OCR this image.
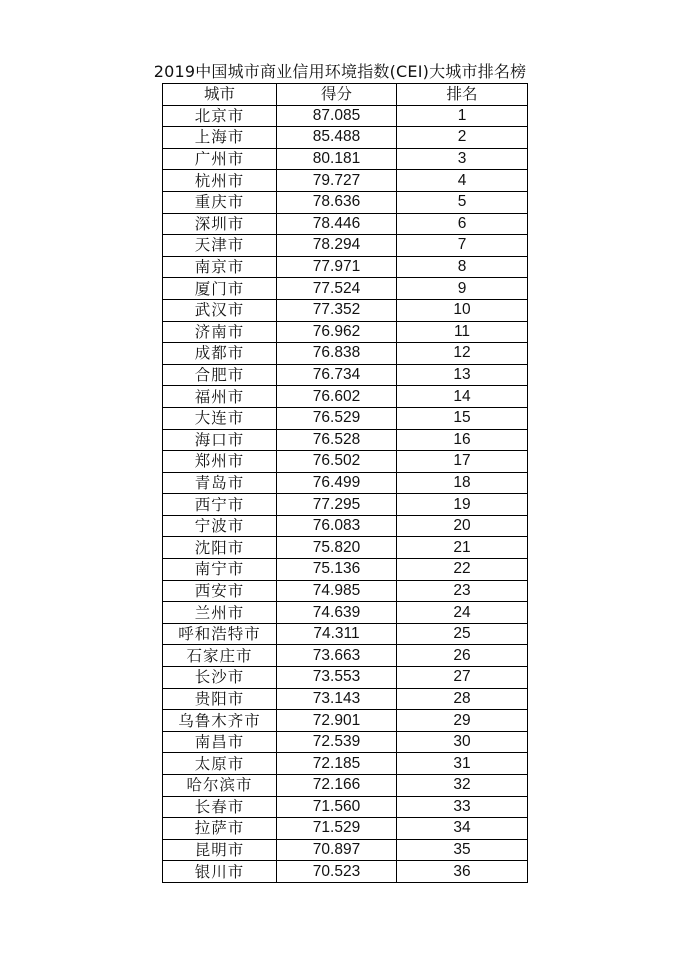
2019中国城市商业信用环境指数(CEI)大城市排名榜
城市	得分	排名
北京市	87.085	1
上海市	85.488	2
广州市	80.181	3
杭州市	79.727	4
重庆市	78.636	5
深圳市	78.446	6
天津市	78.294	7
南京市	77.971	8
厦门市	77.524	9
武汉市	77.352	10
济南市	76.962	11
成都市	76.838	12
合肥市	76.734	13
福州市	76.602	14
大连市	76.529	15
海口市	76.528	16
郑州市	76.502	17
青岛市	76.499	18
西宁市	77.295	19
宁波市	76.083	20
沈阳市	75.820	21
南宁市	75.136	22
西安市	74.985	23
兰州市	74.639	24
呼和浩特市	74.311	25
石家庄市	73.663	26
长沙市	73.553	27
贵阳市	73.143	28
乌鲁木齐市	72.901	29
南昌市	72.539	30
太原市	72.185	31
哈尔滨市	72.166	32
长春市	71.560	33
拉萨市	71.529	34
昆明市	70.897	35
银川市	70.523	36
